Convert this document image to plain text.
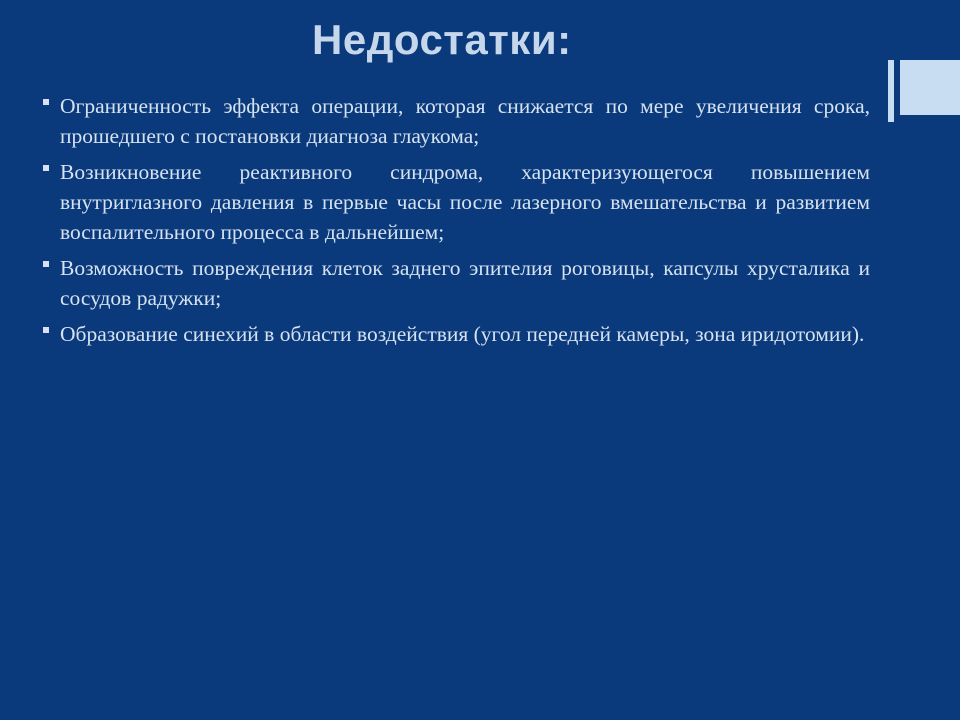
Недостатки:
Ограниченность эффекта операции, которая снижается по мере увеличения срока, прошедшего с постановки диагноза глаукома;
Возникновение реактивного синдрома, характеризующегося повышением внутриглазного давления в первые часы после лазерного вмешательства и развитием воспалительного процесса в дальнейшем;
Возможность повреждения клеток заднего эпителия роговицы, капсулы хрусталика и сосудов радужки;
Образование синехий в области воздействия (угол передней камеры, зона иридотомии).
